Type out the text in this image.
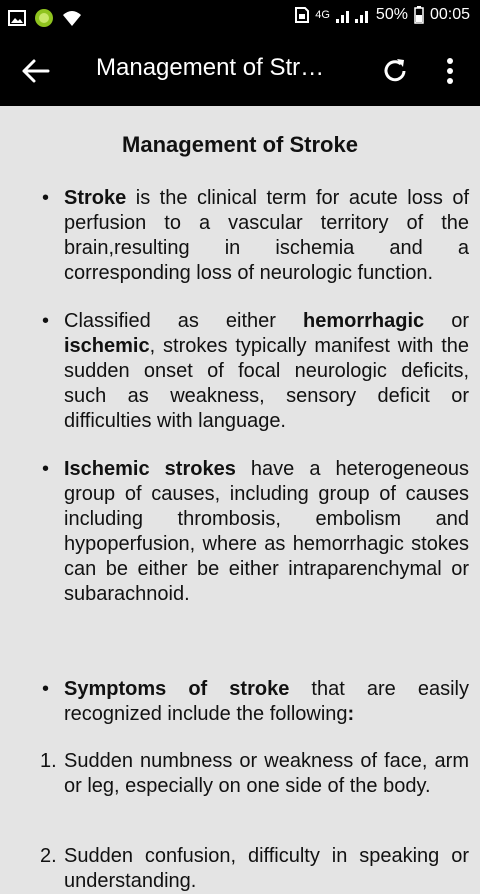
4G	50% 00:05
Management of Str…
Management of Stroke
• Stroke is the clinical term for acute loss of perfusion to a vascular territory of the brain,resulting in ischemia and a corresponding loss of neurologic function.
• Classified as either hemorrhagic or ischemic, strokes typically manifest with the sudden onset of focal neurologic deficits, such as weakness, sensory deficit or difficulties with language.
• Ischemic strokes have a heterogeneous group of causes, including group of causes including thrombosis, embolism and hypoperfusion, where as hemorrhagic stokes can be either be either intraparenchymal or subarachnoid.
• Symptoms of stroke that are easily recognized include the following:
1. Sudden numbness or weakness of face, arm or leg, especially on one side of the body.
2. Sudden confusion, difficulty in speaking or understanding.
